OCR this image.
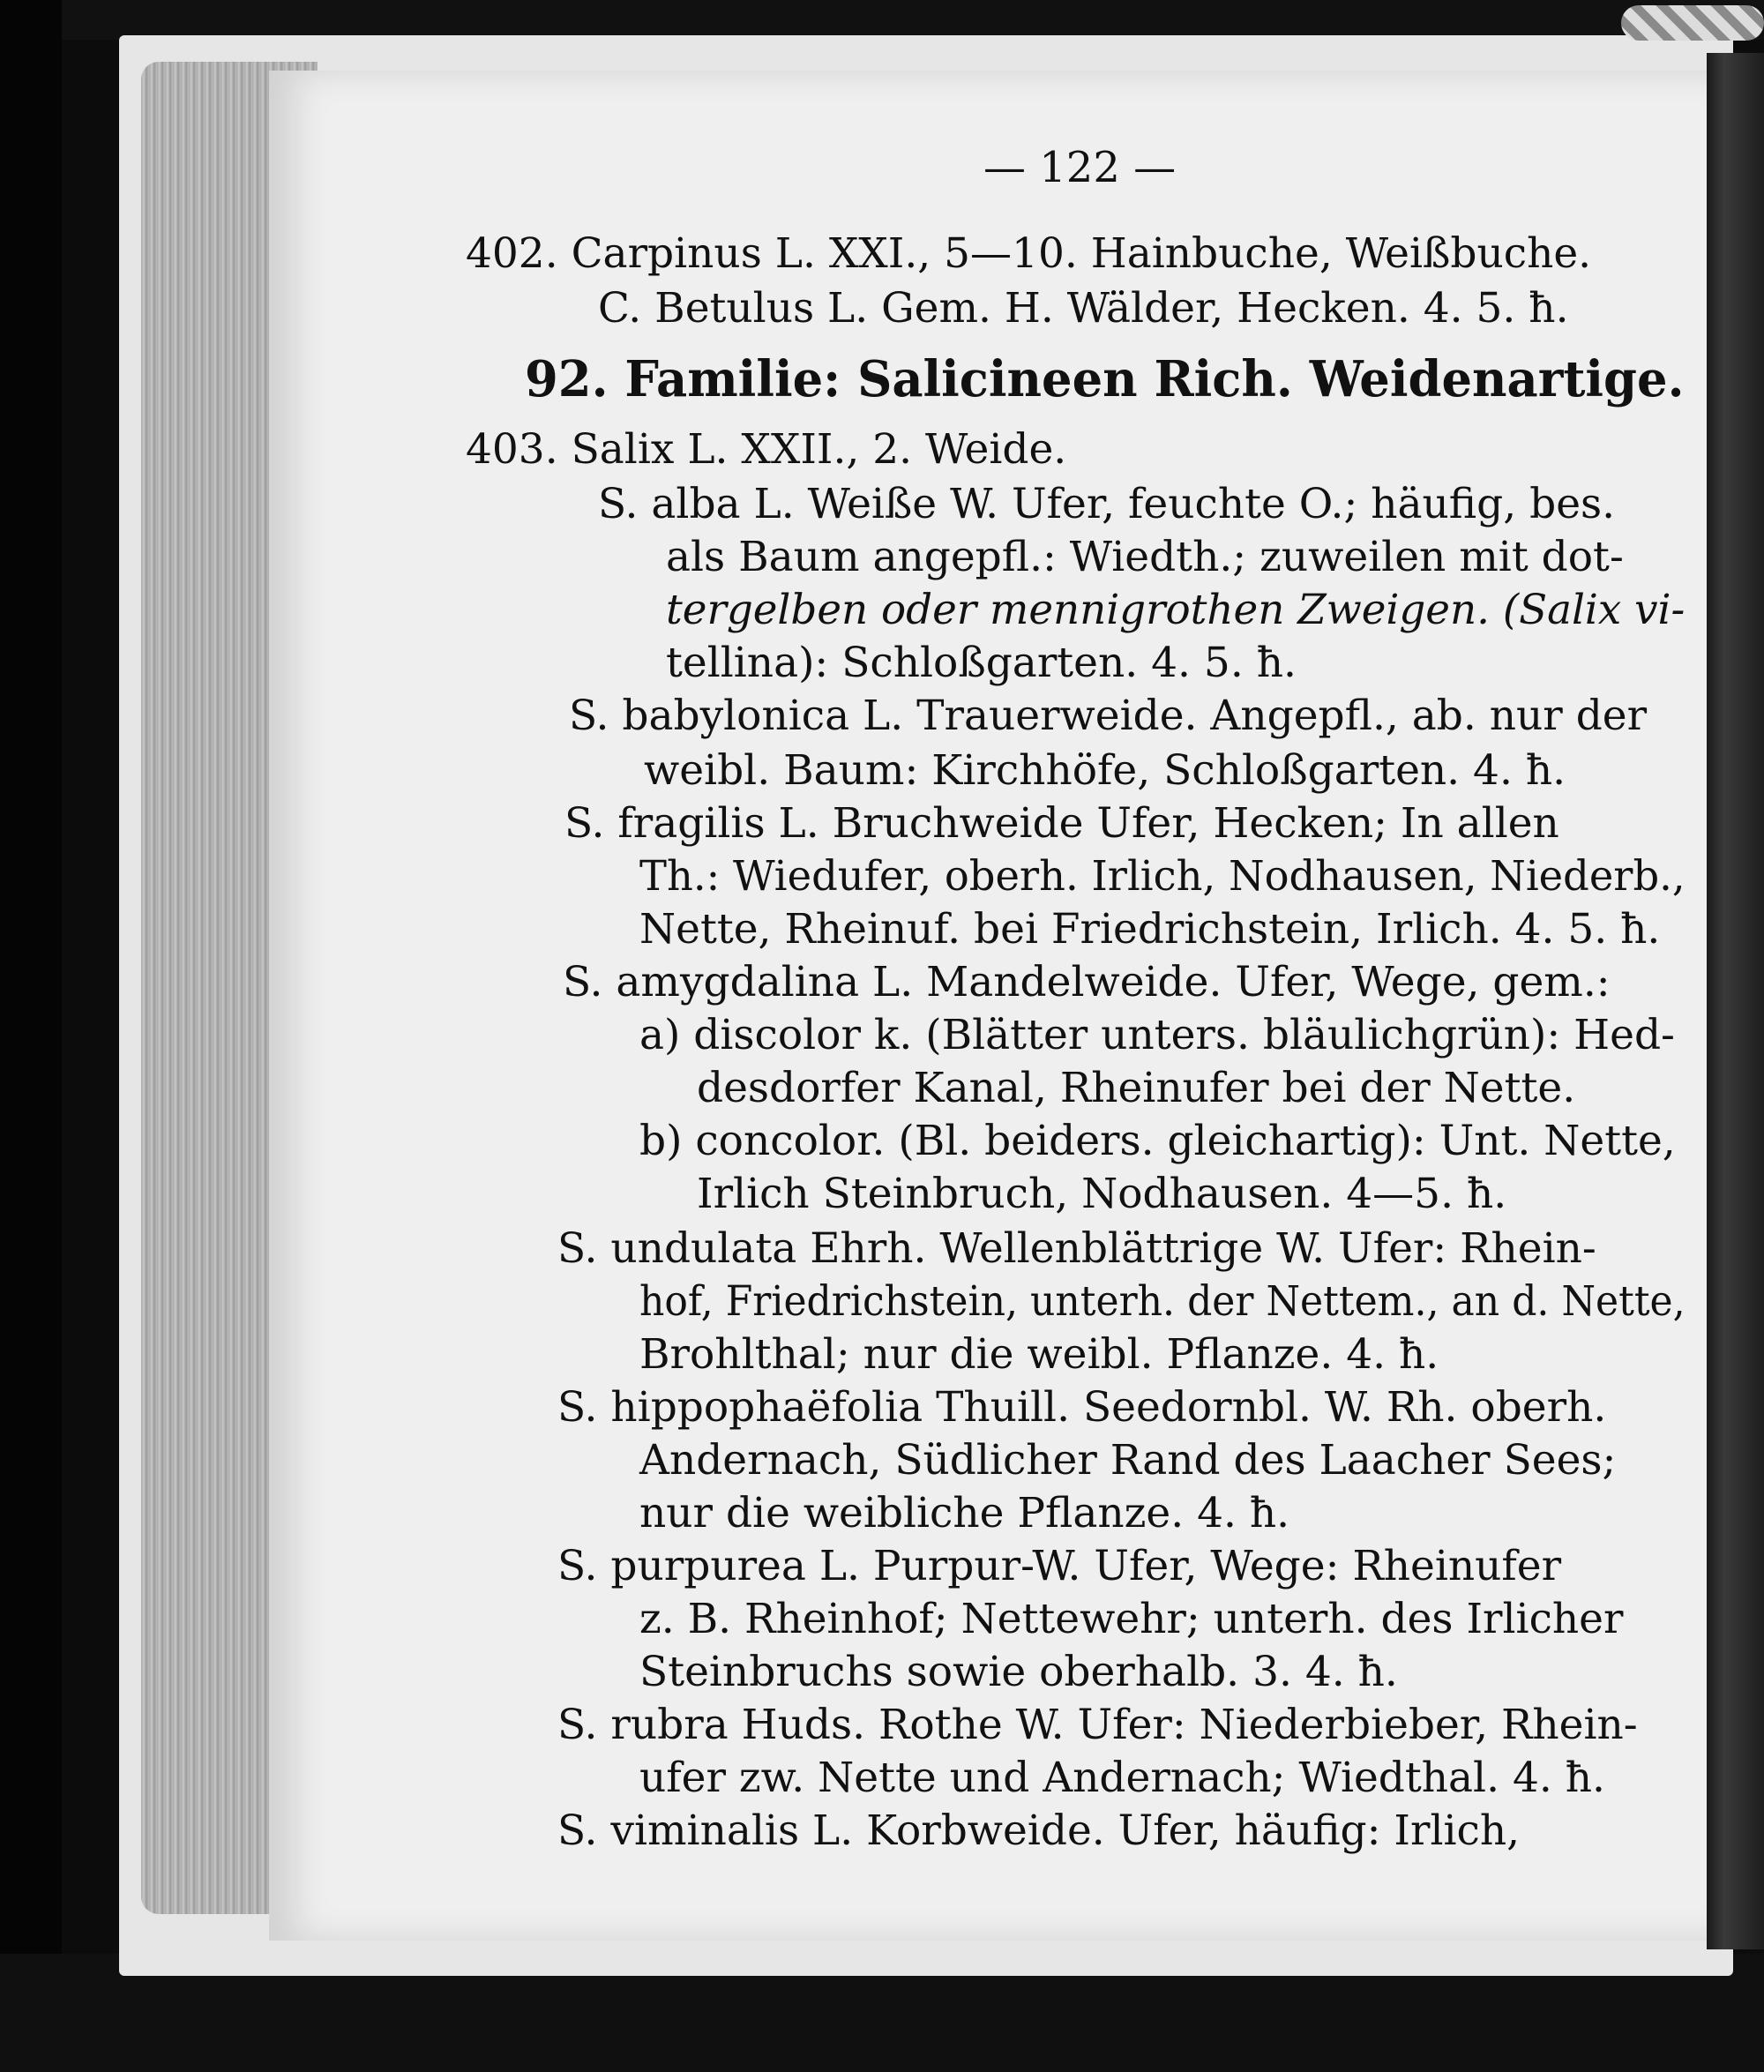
— 122 —
402. Carpinus L. XXI., 5—10. Hainbuche, Weißbuche.
C. Betulus L. Gem. H. Wälder, Hecken. 4. 5. ħ.
92. Familie: Salicineen Rich. Weidenartige.
403. Salix L. XXII., 2. Weide.
S. alba L. Weiße W. Ufer, feuchte O.; häufig, bes.
als Baum angepfl.: Wiedth.; zuweilen mit dot-
tergelben oder mennigrothen Zweigen. (Salix vi-
tellina): Schloßgarten. 4. 5. ħ.
S. babylonica L. Trauerweide. Angepfl., ab. nur der
weibl. Baum: Kirchhöfe, Schloßgarten. 4. ħ.
S. fragilis L. Bruchweide Ufer, Hecken; In allen
Th.: Wiedufer, oberh. Irlich, Nodhausen, Niederb.,
Nette, Rheinuf. bei Friedrichstein, Irlich. 4. 5. ħ.
S. amygdalina L. Mandelweide. Ufer, Wege, gem.:
a) discolor k. (Blätter unters. bläulichgrün): Hed-
desdorfer Kanal, Rheinufer bei der Nette.
b) concolor. (Bl. beiders. gleichartig): Unt. Nette,
Irlich Steinbruch, Nodhausen. 4—5. ħ.
S. undulata Ehrh. Wellenblättrige W. Ufer: Rhein-
hof, Friedrichstein, unterh. der Nettem., an d. Nette,
Brohlthal; nur die weibl. Pflanze. 4. ħ.
S. hippophaëfolia Thuill. Seedornbl. W. Rh. oberh.
Andernach, Südlicher Rand des Laacher Sees;
nur die weibliche Pflanze. 4. ħ.
S. purpurea L. Purpur-W. Ufer, Wege: Rheinufer
z. B. Rheinhof; Nettewehr; unterh. des Irlicher
Steinbruchs sowie oberhalb. 3. 4. ħ.
S. rubra Huds. Rothe W. Ufer: Niederbieber, Rhein-
ufer zw. Nette und Andernach; Wiedthal. 4. ħ.
S. viminalis L. Korbweide. Ufer, häufig: Irlich,
